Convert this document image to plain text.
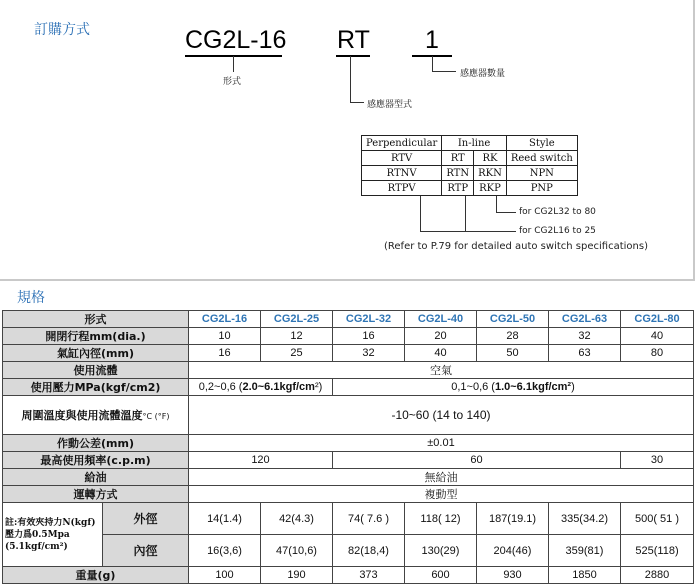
訂購方式	CG2L-16 RT 1
形式
感應器數量
感應器型式
Perpendicular	In-line		Style
RTV	RT	RK	Reed switch
RTNV	RTN	RKN	NPN
RTPV	RTP	RKP	PNP
for CG2L32 to 80
for CG2L16 to 25
(Refer to P.79 for detailed auto switch specifications)
規格
形式		CG2L-16	CG2L-25	CG2L-32	CG2L-40	CG2L-50	CG2L-63	CG2L-80
開閉行程mm(dia.)		10	12	16	20	28	32	40
氣缸內徑(mm)		16	25	32	40	50	63	80
使用流體		空氣						
使用壓力MPa(kgf/cm2)		0,2~0,6 (2.0~6.1kgf/cm²)		0,1~0,6 (1.0~6.1kgf/cm²)				
周圍溫度與使用流體溫度°C (°F)		-10~60 (14 to 140)						
作動公差(mm)		±0.01						
最高使用頻率(c.p.m)		120		60				30
給油		無給油						
運轉方式		複動型						

註:有效夾持力N(kgf)
壓力爲0.5Mpa
(5.1kgf/cm²)	外徑	14(1.4)	42(4.3)	74( 7.6 )	118( 12)	187(19.1)	335(34.2)	500( 51 )
	內徑	16(3,6)	47(10,6)	82(18,4)	130(29)	204(46)	359(81)	525(118)
重量(g)		100	190	373	600	930	1850	2880
